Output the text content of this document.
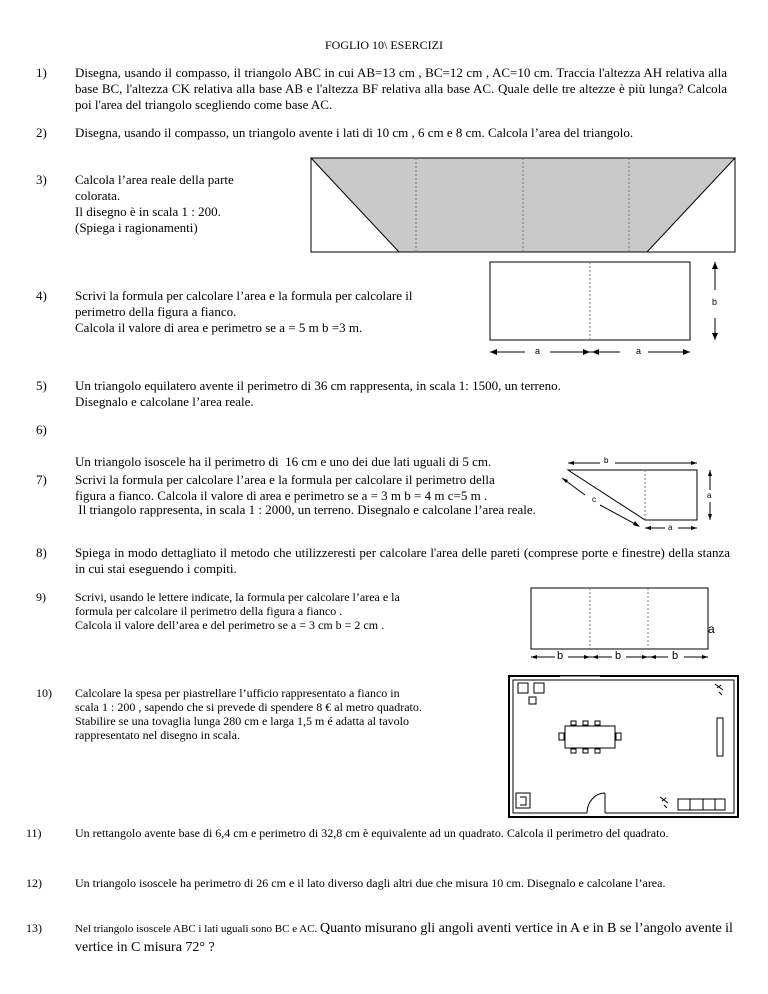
FOGLIO 10\ ESERCIZI
1) Disegna, usando il compasso, il triangolo ABC in cui AB=13 cm , BC=12 cm , AC=10 cm. Traccia l'altezza AH relativa alla base BC, l'altezza CK relativa alla base AB e l'altezza BF relativa alla base AC. Quale delle tre altezze è più lunga? Calcola poi l'area del triangolo scegliendo come base AC.
2) Disegna, usando il compasso, un triangolo avente i lati di 10 cm , 6 cm e 8 cm. Calcola l’area del triangolo.
3) Calcola l’area reale della parte

colorata.

Il disegno è in scala 1 : 200.

(Spiega i ragionamenti)

4) Scrivi la formula per calcolare l’area e la formula per calcolare il

perimetro della figura a fianco.

Calcola il valore di area e perimetro se a = 5 m b =3 m.

a	a
b
5) Un triangolo equilatero avente il perimetro di 36 cm rappresenta, in scala 1: 1500, un terreno.

Disegnalo e calcolane l’area reale.

6)

Un triangolo isoscele ha il perimetro di  16 cm e uno dei due lati uguali di 5 cm.

Il triangolo rappresenta, in scala 1 : 2000, un terreno. Disegnalo e calcolane l’area reale.

7) Scrivi la formula per calcolare l’area e la formula per calcolare il perimetro della

figura a fianco. Calcola il valore di area e perimetro se a = 3 m b = 4 m c=5 m .

b
c
a
a
8) Spiega in modo dettagliato il metodo che utilizzeresti per calcolare l'area delle pareti (comprese porte e finestre) della stanza in cui stai eseguendo i compiti.
9) Scrivi, usando le lettere indicate, la formula per calcolare l’area e la

formula per calcolare il perimetro della figura a fianco .

Calcola il valore dell’area e del perimetro se a = 3 cm b = 2 cm .	a
b	b	b
10) Calcolare la spesa per piastrellare l’ufficio rappresentato a fianco in

scala 1 : 200 , sapendo che si prevede di spendere 8 € al metro quadrato.

Stabilire se una tovaglia lunga 280 cm e larga 1,5 m é adatta al tavolo

rappresentato nel disegno in scala.

11)	Un rettangolo avente base di 6,4 cm e perimetro di 32,8 cm è equivalente ad un quadrato. Calcola il perimetro del quadrato.
12)	Un triangolo isoscele ha perimetro di 26 cm e il lato diverso dagli altri due che misura 10 cm. Disegnalo e calcolane l’area.
13)	Nel triangolo isoscele ABC i lati uguali sono BC e AC. Quanto misurano gli angoli aventi vertice in A e in B se l’angolo avente il vertice in C misura 72° ?
